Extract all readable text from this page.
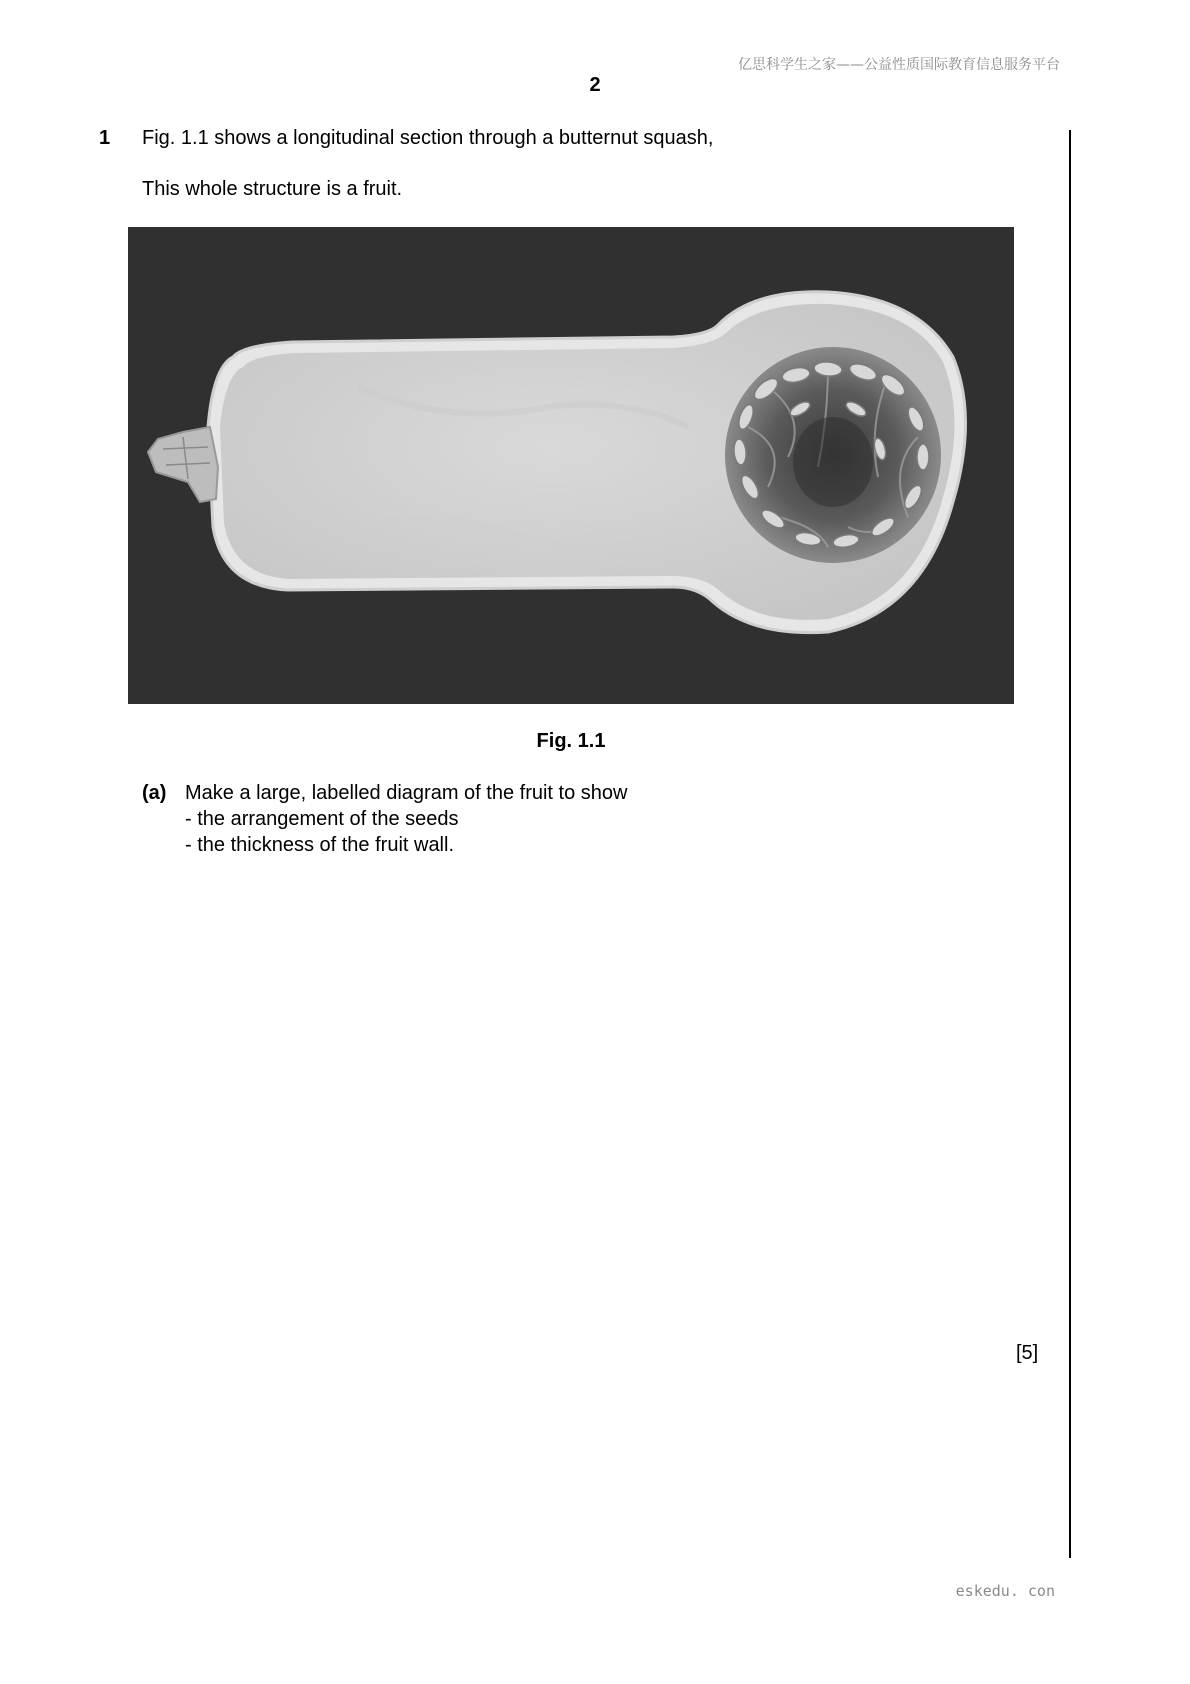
亿思科学生之家——公益性质国际教育信息服务平台
2
1 Fig. 1.1 shows a longitudinal section through a butternut squash,
This whole structure is a fruit.
Fig. 1.1
(a) Make a large, labelled diagram of the fruit to show
- the arrangement of the seeds
- the thickness of the fruit wall.
[5]
eskedu. con
